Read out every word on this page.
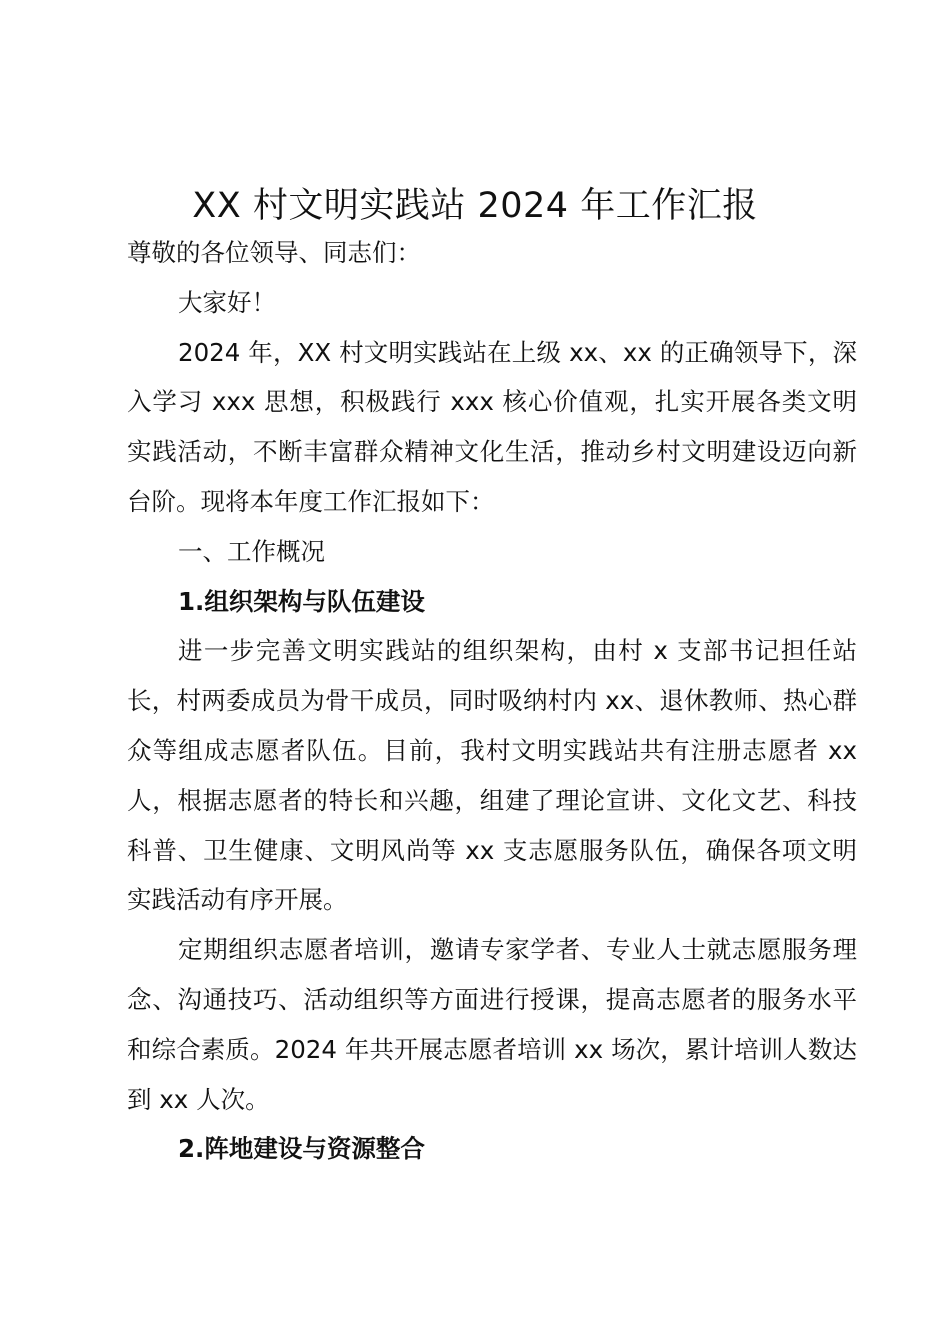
XX 村文明实践站 2024 年工作汇报

尊敬的各位领导、同志们：

大家好！

2024 年，XX 村文明实践站在上级 xx、xx 的正确领导下，深入学习 xxx 思想，积极践行 xxx 核心价值观，扎实开展各类文明实践活动，不断丰富群众精神文化生活，推动乡村文明建设迈向新台阶。现将本年度工作汇报如下：

一、工作概况

1.组织架构与队伍建设

进一步完善文明实践站的组织架构，由村 x 支部书记担任站长，村两委成员为骨干成员，同时吸纳村内 xx、退休教师、热心群众等组成志愿者队伍。目前，我村文明实践站共有注册志愿者 xx 人，根据志愿者的特长和兴趣，组建了理论宣讲、文化文艺、科技科普、卫生健康、文明风尚等 xx 支志愿服务队伍，确保各项文明实践活动有序开展。

定期组织志愿者培训，邀请专家学者、专业人士就志愿服务理念、沟通技巧、活动组织等方面进行授课，提高志愿者的服务水平和综合素质。2024 年共开展志愿者培训 xx 场次，累计培训人数达到 xx 人次。

2.阵地建设与资源整合
